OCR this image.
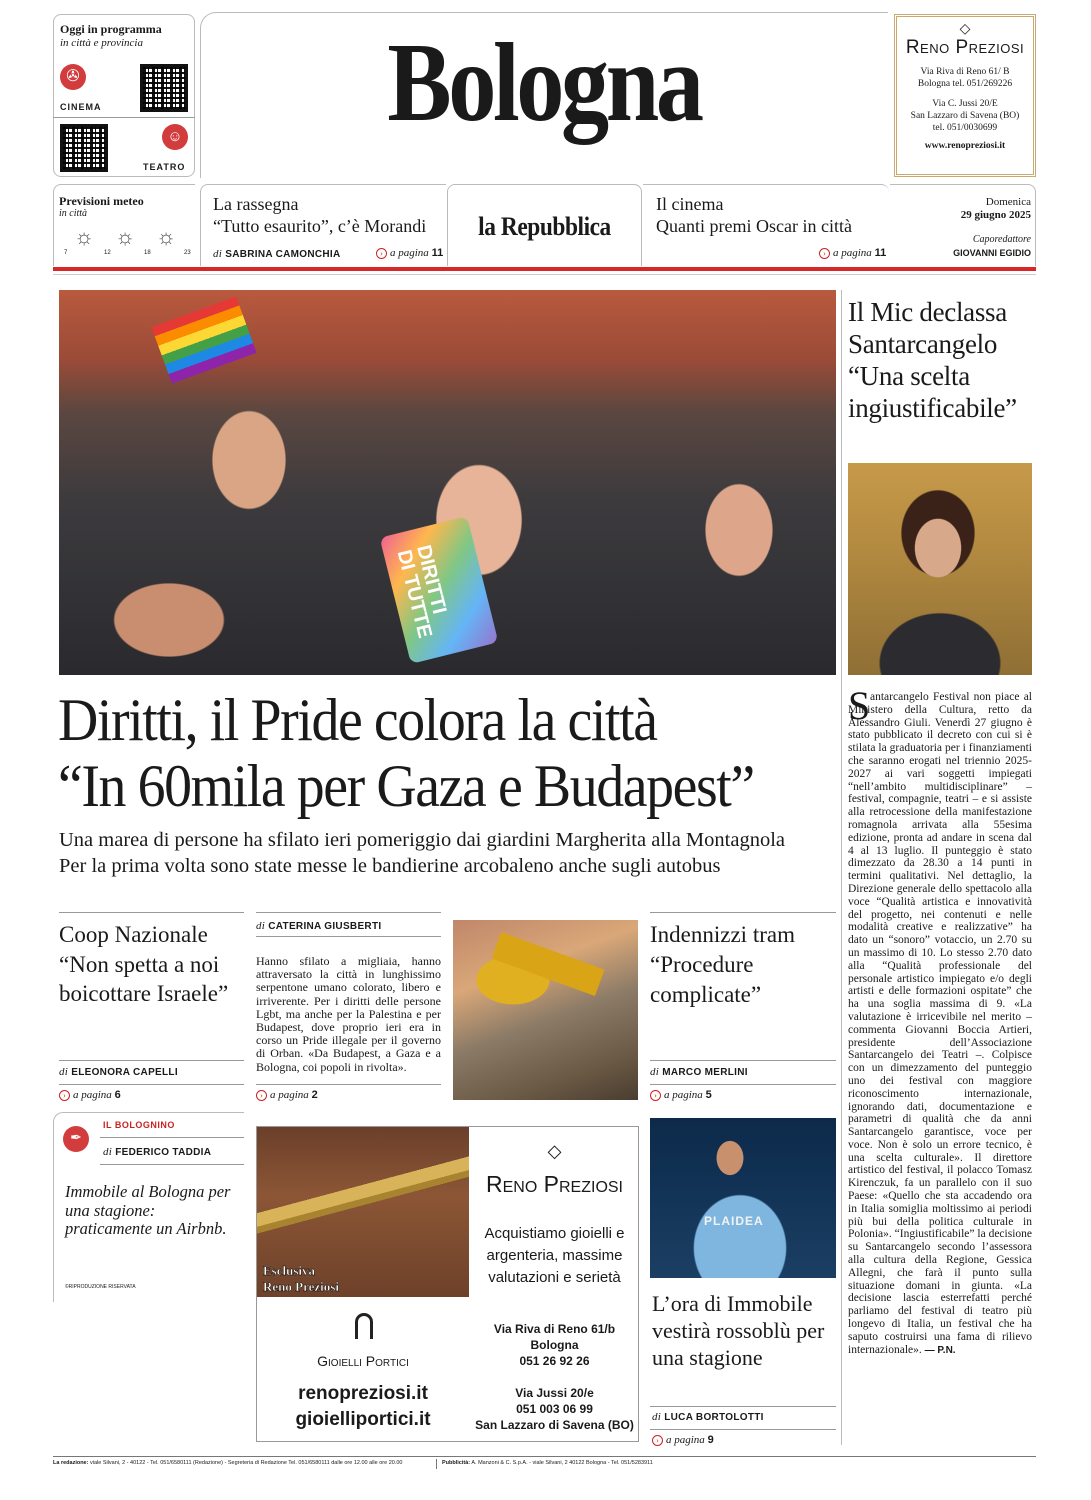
Oggi in programma
in città e provincia
✇
CINEMA
☺
TEATRO
Bologna	◇
Reno Preziosi
Via Riva di Reno 61/ B
Bologna tel. 051/269226
Via C. Jussi 20/E
San Lazzaro di Savena (BO)
tel. 051/0030699
www.renopreziosi.it
Previsioni meteo
in città
☼ ☼ ☼
7	12	18	23
La rassegna
“Tutto esaurito”, c’è Morandi
di SABRINA CAMONCHIA	› a pagina 11
la Repubblica
Il cinema
Quanti premi Oscar in città
› a pagina 11
Domenica
29 giugno 2025
Caporedattore
GIOVANNI EGIDIO
DIRITTI DI TUTTE
Diritti, il Pride colora la città
“In 60mila per Gaza e Budapest”
Una marea di persone ha sfilato ieri pomeriggio dai giardini Margherita alla Montagnola
Per la prima volta sono state messe le bandierine arcobaleno anche sugli autobus
Coop Nazionale “Non spetta a noi boicottare Israele”
di ELEONORA CAPELLI
› a pagina 6
di CATERINA GIUSBERTI
Hanno sfilato a migliaia, hanno attraversato la città in lunghissimo serpentone umano colorato, libero e irriverente. Per i diritti delle persone Lgbt, ma anche per la Palestina e per Budapest, dove proprio ieri era in corso un Pride illegale per il governo di Orban. «Da Budapest, a Gaza e a Bologna, coi popoli in rivolta».
› a pagina 2
Indennizzi tram “Procedure complicate”
di MARCO MERLINI
› a pagina 5
Il Mic declassa Santarcangelo “Una scelta ingiustificabile”
S antarcangelo Festival non piace al Ministero della Cultura, retto da Alessandro Giuli. Venerdì 27 giugno è stato pubblicato il decreto con cui si è stilata la graduatoria per i finanziamenti che saranno erogati nel triennio 2025-2027 ai vari soggetti impiegati “nell’ambito multidisciplinare” – festival, compagnie, teatri – e si assiste alla retrocessione della manifestazione romagnola arrivata alla 55esima edizione, pronta ad andare in scena dal 4 al 13 luglio. Il punteggio è stato dimezzato da 28.30 a 14 punti in termini qualitativi. Nel dettaglio, la Direzione generale dello spettacolo alla voce “Qualità artistica e innovatività del progetto, nei contenuti e nelle modalità creative e realizzative” ha dato un “sonoro” votaccio, un 2.70 su un massimo di 10. Lo stesso 2.70 dato alla “Qualità professionale del personale artistico impiegato e/o degli artisti e delle formazioni ospitate” che ha una soglia massima di 9. «La valutazione è irricevibile nel merito – commenta Giovanni Boccia Artieri, presidente dell’Associazione Santarcangelo dei Teatri –. Colpisce con un dimezzamento del punteggio uno dei festival con maggiore riconoscimento internazionale, ignorando dati, documentazione e parametri di qualità che da anni Santarcangelo garantisce, voce per voce. Non è solo un errore tecnico, è una scelta culturale». Il direttore artistico del festival, il polacco Tomasz Kirenczuk, fa un parallelo con il suo Paese: «Quello che sta accadendo ora in Italia somiglia moltissimo ai periodi più bui della politica culturale in Polonia». “Ingiustificabile” la decisione su Santarcangelo secondo l’assessora alla cultura della Regione, Gessica Allegni, che farà il punto sulla situazione domani in giunta. «La decisione lascia esterrefatti perché parliamo del festival di teatro più longevo di Italia, un festival che ha saputo costruirsi una fama di rilievo internazionale». — P.N.
✒
IL BOLOGNINO
di FEDERICO TADDIA
Immobile al Bologna per una stagione: praticamente un Airbnb.
©RIPRODUZIONE RISERVATA
Esclusiva
Reno Preziosi
◇
Reno Preziosi
Acquistiamo gioielli e
argenteria, massime
valutazioni e serietà
Gioielli Portici
renopreziosi.it
gioielliportici.it
Via Riva di Reno 61/b
Bologna
051 26 92 26
Via Jussi 20/e
051 003 06 99
San Lazzaro di Savena (BO)
PLAIDEA
L’ora di Immobile vestirà rossoblù per una stagione
di LUCA BORTOLOTTI
› a pagina 9
La redazione: viale Silvani, 2 - 40122 - Tel. 051/6580111 (Redazione) - Segreteria di Redazione Tel. 051/6580111 dalle ore 12.00 alle ore 20.00	Pubblicità: A. Manzoni & C. S.p.A. - viale Silvani, 2 40122 Bologna - Tel. 051/5283911
